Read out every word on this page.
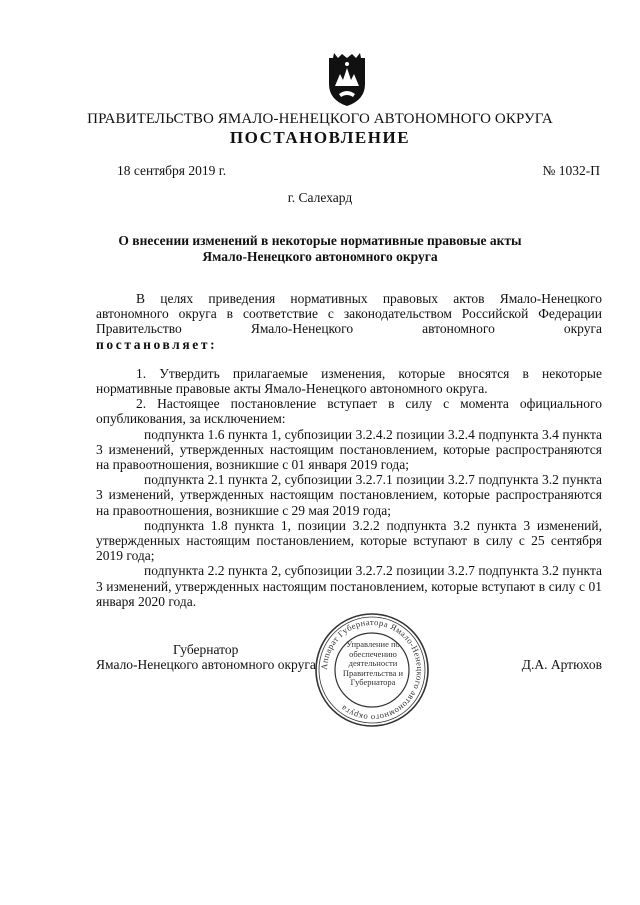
ПРАВИТЕЛЬСТВО ЯМАЛО-НЕНЕЦКОГО АВТОНОМНОГО ОКРУГА
ПОСТАНОВЛЕНИЕ
18 сентября 2019 г.	№ 1032-П
г. Салехард
О внесении изменений в некоторые нормативные правовые акты
Ямало-Ненецкого автономного округа

В целях приведения нормативных правовых актов Ямало-Ненецкого автономного округа в соответствие с законодательством Российской Федерации Правительство Ямало-Ненецкого автономного округа

постановляет:

1. Утвердить прилагаемые изменения, которые вносятся в некоторые нормативные правовые акты Ямало-Ненецкого автономного округа.

2. Настоящее постановление вступает в силу с момента официального опубликования, за исключением:

подпункта 1.6 пункта 1, субпозиции 3.2.4.2 позиции 3.2.4 подпункта 3.4 пункта 3 изменений, утвержденных настоящим постановлением, которые распространяются на правоотношения, возникшие с 01 января 2019 года;

подпункта 2.1 пункта 2, субпозиции 3.2.7.1 позиции 3.2.7 подпункта 3.2 пункта 3 изменений, утвержденных настоящим постановлением, которые распространяются на правоотношения, возникшие с 29 мая 2019 года;

подпункта 1.8 пункта 1, позиции 3.2.2 подпункта 3.2 пункта 3 изменений, утвержденных настоящим постановлением, которые вступают в силу с 25 сентября 2019 года;

подпункта 2.2 пункта 2, субпозиции 3.2.7.2 позиции 3.2.7 подпункта 3.2 пункта 3 изменений, утвержденных настоящим постановлением, которые вступают в силу с 01 января 2020 года.

Губернатор
Ямало-Ненецкого автономного округа	Д.А. Артюхов
Аппарат Губернатора Ямало-Ненецкого автономного округа
Управление по обеспечению деятельности Правительства и Губернатора
